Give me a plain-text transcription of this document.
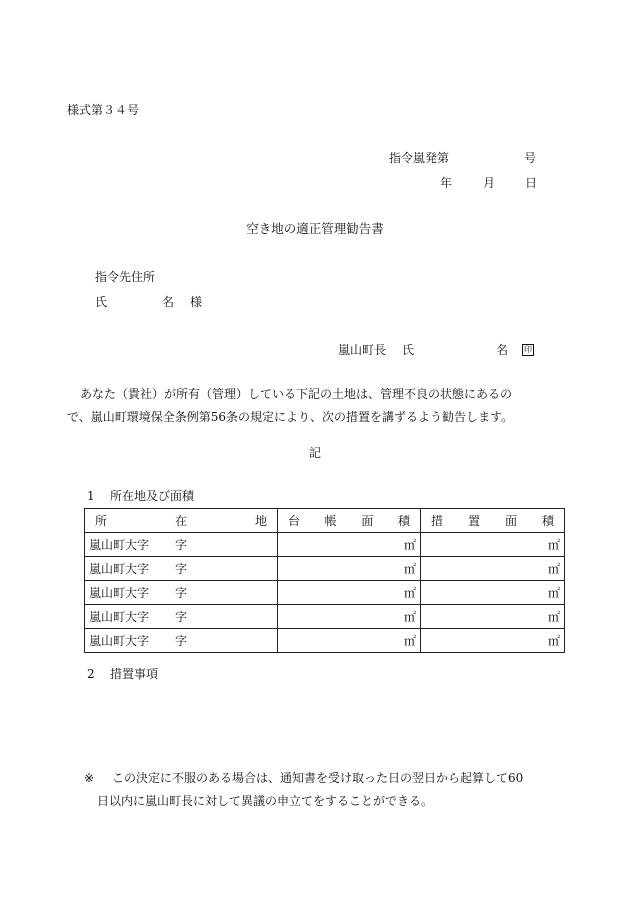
様式第３４号
指令嵐発第	号
年	月 日
空き地の適正管理勧告書
指令先住所
氏	名 様
嵐山町長 氏	名 印

あなた（貴社）が所有（管理）している下記の土地は、管理不良の状態にあるの

で、嵐山町環境保全条例第56条の規定により、次の措置を講ずるよう勧告します。

記
1 所在地及び面積
所 在 地	台 帳 面 積	措 置 面 積

嵐山町大字 字	㎡	㎡

嵐山町大字 字	㎡	㎡

嵐山町大字 字	㎡	㎡

嵐山町大字 字	㎡	㎡

嵐山町大字 字	㎡	㎡
2 措置事項
※ この決定に不服のある場合は、通知書を受け取った日の翌日から起算して60
日以内に嵐山町長に対して異議の申立てをすることができる。
